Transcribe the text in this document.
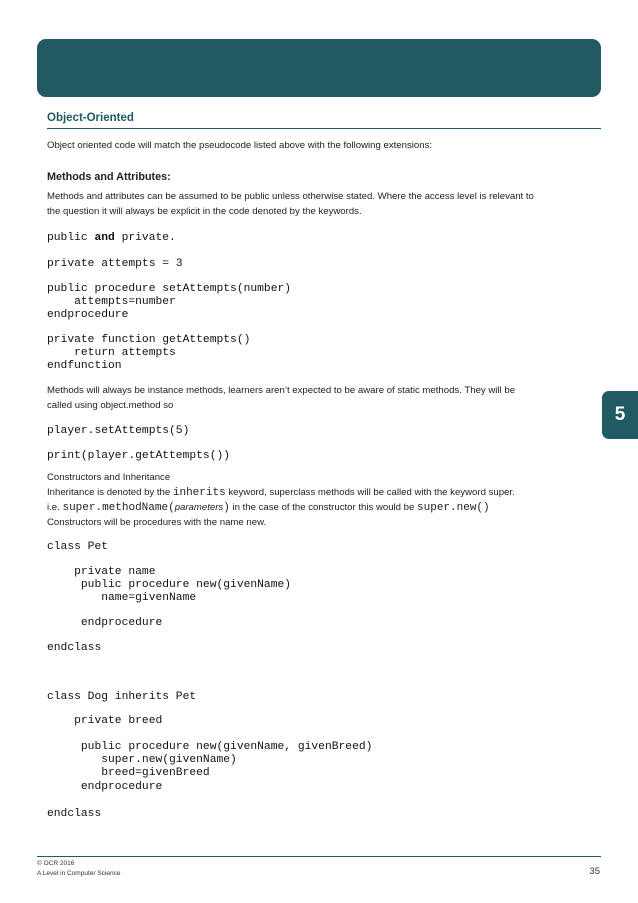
Object-Oriented
Object oriented code will match the pseudocode listed above with the following extensions:
Methods and Attributes:
Methods and attributes can be assumed to be public unless otherwise stated. Where the access level is relevant to
the question it will always be explicit in the code denoted by the keywords.
public and private.
private attempts = 3
public procedure setAttempts(number)
attempts=number
endprocedure
private function getAttempts()
return attempts
endfunction
Methods will always be instance methods, learners aren’t expected to be aware of static methods. They will be
called using object.method so
player.setAttempts(5)
print(player.getAttempts())
Constructors and Inheritance
Inheritance is denoted by the inherits keyword, superclass methods will be called with the keyword super.
i.e. super.methodName(parameters) in the case of the constructor this would be super.new()
Constructors will be procedures with the name new.
class Pet
private name
public procedure new(givenName)
name=givenName
endprocedure
endclass
class Dog inherits Pet
private breed
public procedure new(givenName, givenBreed)
super.new(givenName)
breed=givenBreed
endprocedure
endclass
5
© OCR 2016
A Level in Computer Science	35
